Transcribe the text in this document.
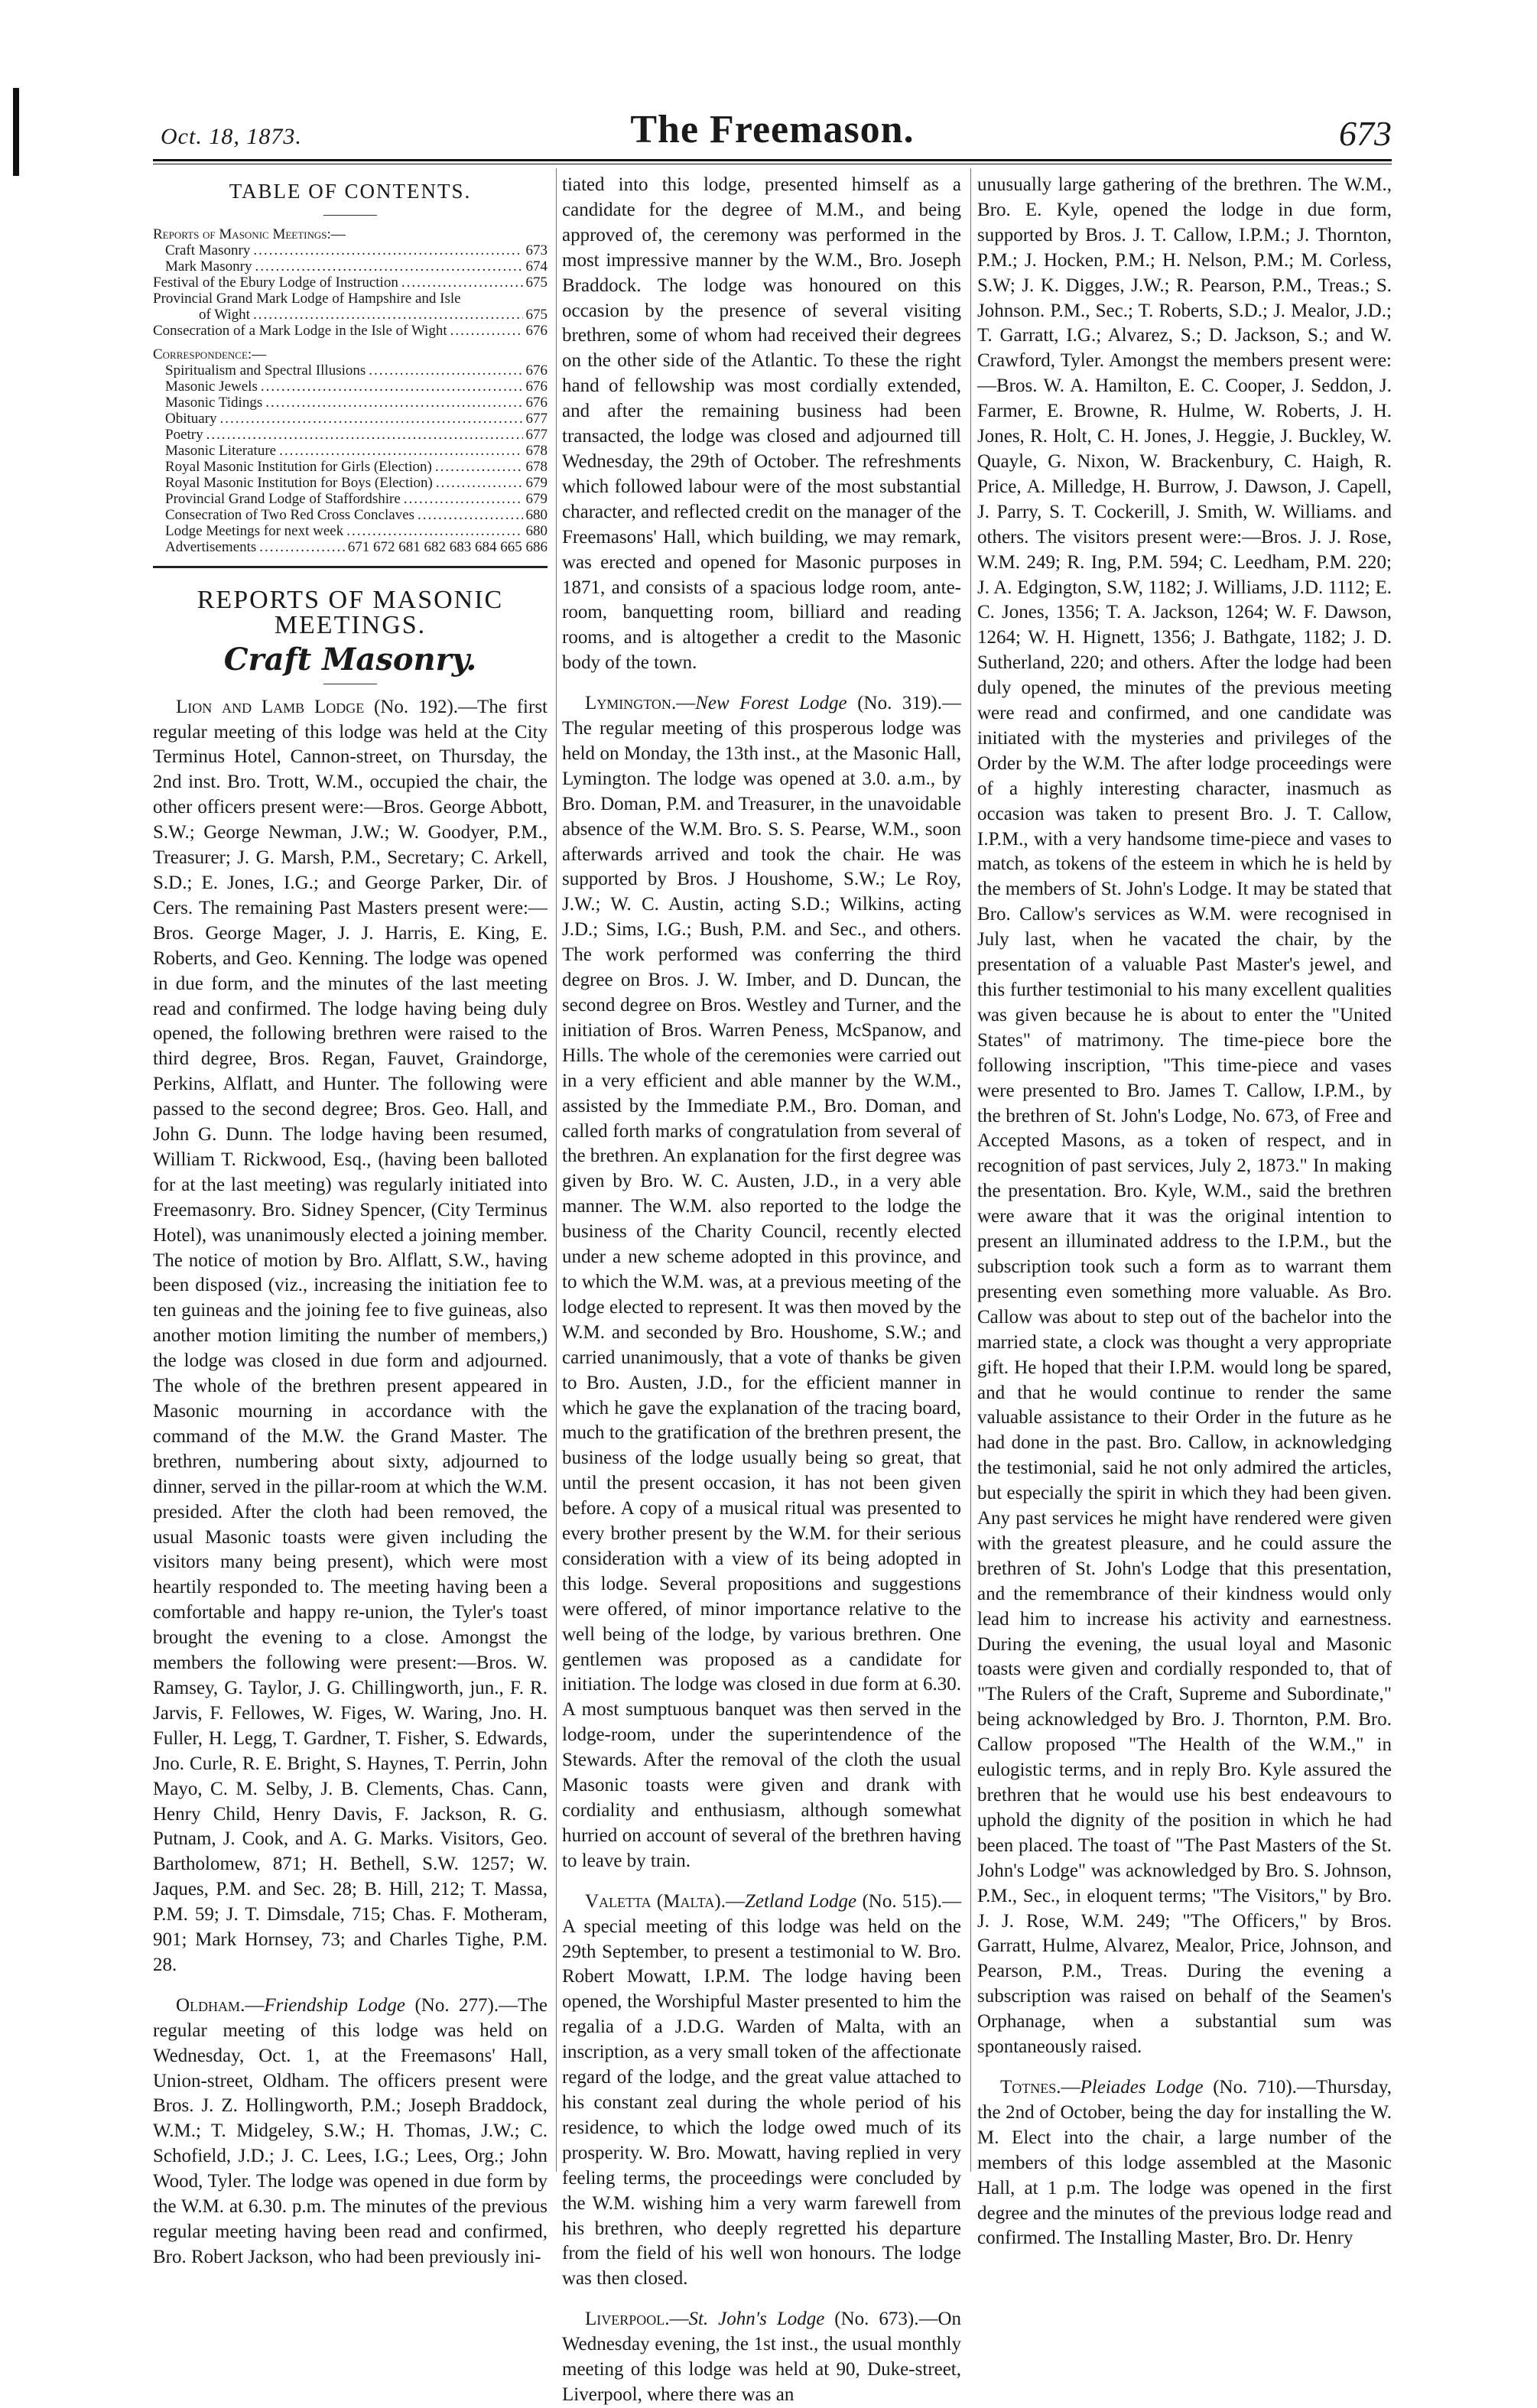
Oct. 18, 1873.	The Freemason.	673
TABLE OF CONTENTS.
Reports of Masonic Meetings:—
Craft Masonry .....	673
Mark Masonry .....	674
Festival of the Ebury Lodge of Instruction .....	675
Provincial Grand Mark Lodge of Hampshire and Isle
of Wight .....	675
Consecration of a Mark Lodge in the Isle of Wight .....	676
Correspondence:—
Spiritualism and Spectral Illusions .....	676
Masonic Jewels .....	676
Masonic Tidings .....	676
Obituary .....	677
Poetry .....	677
Masonic Literature .....	678
Royal Masonic Institution for Girls (Election) .....	678
Royal Masonic Institution for Boys (Election) .....	679
Provincial Grand Lodge of Staffordshire .....	679
Consecration of Two Red Cross Conclaves .....	680
Lodge Meetings for next week .....	680
Advertisements .....	671 672 681 682 683 684 665 686
REPORTS OF MASONIC MEETINGS.
Craft Masonry.

Lion and Lamb Lodge (No. 192).—The first regular meeting of this lodge was held at the City Terminus Hotel, Cannon-street, on Thursday, the 2nd inst. Bro. Trott, W.M., occupied the chair, the other officers present were:—Bros. George Abbott, S.W.; George Newman, J.W.; W. Goodyer, P.M., Treasurer; J. G. Marsh, P.M., Secretary; C. Arkell, S.D.; E. Jones, I.G.; and George Parker, Dir. of Cers. The remaining Past Masters present were:— Bros. George Mager, J. J. Harris, E. King, E. Roberts, and Geo. Kenning. The lodge was opened in due form, and the minutes of the last meeting read and confirmed. The lodge having being duly opened, the following brethren were raised to the third degree, Bros. Regan, Fauvet, Graindorge, Perkins, Alflatt, and Hunter. The following were passed to the second degree; Bros. Geo. Hall, and John G. Dunn. The lodge having been resumed, William T. Rickwood, Esq., (having been balloted for at the last meeting) was regularly initiated into Freemasonry. Bro. Sidney Spencer, (City Terminus Hotel), was unanimously elected a joining member. The notice of motion by Bro. Alflatt, S.W., having been disposed (viz., increasing the initiation fee to ten guineas and the joining fee to five guineas, also another motion limiting the number of members,) the lodge was closed in due form and adjourned. The whole of the brethren present appeared in Masonic mourning in accordance with the command of the M.W. the Grand Master. The brethren, numbering about sixty, adjourned to dinner, served in the pillar-room at which the W.M. presided. After the cloth had been removed, the usual Masonic toasts were given including the visitors many being present), which were most heartily responded to. The meeting having been a comfortable and happy re-union, the Tyler's toast brought the evening to a close. Amongst the members the following were present:—Bros. W. Ramsey, G. Taylor, J. G. Chillingworth, jun., F. R. Jarvis, F. Fellowes, W. Figes, W. Waring, Jno. H. Fuller, H. Legg, T. Gardner, T. Fisher, S. Edwards, Jno. Curle, R. E. Bright, S. Haynes, T. Perrin, John Mayo, C. M. Selby, J. B. Clements, Chas. Cann, Henry Child, Henry Davis, F. Jackson, R. G. Putnam, J. Cook, and A. G. Marks. Visitors, Geo. Bartholomew, 871; H. Bethell, S.W. 1257; W. Jaques, P.M. and Sec. 28; B. Hill, 212; T. Massa, P.M. 59; J. T. Dimsdale, 715; Chas. F. Motheram, 901; Mark Hornsey, 73; and Charles Tighe, P.M. 28.

Oldham.—Friendship Lodge (No. 277).—The regular meeting of this lodge was held on Wednesday, Oct. 1, at the Freemasons' Hall, Union-street, Oldham. The officers present were Bros. J. Z. Hollingworth, P.M.; Joseph Braddock, W.M.; T. Midgeley, S.W.; H. Thomas, J.W.; C. Schofield, J.D.; J. C. Lees, I.G.; Lees, Org.; John Wood, Tyler. The lodge was opened in due form by the W.M. at 6.30. p.m. The minutes of the previous regular meeting having been read and confirmed, Bro. Robert Jackson, who had been previously ini-

tiated into this lodge, presented himself as a candidate for the degree of M.M., and being approved of, the ceremony was performed in the most impressive manner by the W.M., Bro. Joseph Braddock. The lodge was honoured on this occasion by the presence of several visiting brethren, some of whom had received their degrees on the other side of the Atlantic. To these the right hand of fellowship was most cordially extended, and after the remaining business had been transacted, the lodge was closed and adjourned till Wednesday, the 29th of October. The refreshments which followed labour were of the most substantial character, and reflected credit on the manager of the Freemasons' Hall, which building, we may remark, was erected and opened for Masonic purposes in 1871, and consists of a spacious lodge room, ante-room, banquetting room, billiard and reading rooms, and is altogether a credit to the Masonic body of the town.

Lymington.—New Forest Lodge (No. 319).—The regular meeting of this prosperous lodge was held on Monday, the 13th inst., at the Masonic Hall, Lymington. The lodge was opened at 3.0. a.m., by Bro. Doman, P.M. and Treasurer, in the unavoidable absence of the W.M. Bro. S. S. Pearse, W.M., soon afterwards arrived and took the chair. He was supported by Bros. J Houshome, S.W.; Le Roy, J.W.; W. C. Austin, acting S.D.; Wilkins, acting J.D.; Sims, I.G.; Bush, P.M. and Sec., and others. The work performed was conferring the third degree on Bros. J. W. Imber, and D. Duncan, the second degree on Bros. Westley and Turner, and the initiation of Bros. Warren Peness, McSpanow, and Hills. The whole of the ceremonies were carried out in a very efficient and able manner by the W.M., assisted by the Immediate P.M., Bro. Doman, and called forth marks of congratulation from several of the brethren. An explanation for the first degree was given by Bro. W. C. Austen, J.D., in a very able manner. The W.M. also reported to the lodge the business of the Charity Council, recently elected under a new scheme adopted in this province, and to which the W.M. was, at a previous meeting of the lodge elected to represent. It was then moved by the W.M. and seconded by Bro. Houshome, S.W.; and carried unanimously, that a vote of thanks be given to Bro. Austen, J.D., for the efficient manner in which he gave the explanation of the tracing board, much to the gratification of the brethren present, the business of the lodge usually being so great, that until the present occasion, it has not been given before. A copy of a musical ritual was presented to every brother present by the W.M. for their serious consideration with a view of its being adopted in this lodge. Several propositions and suggestions were offered, of minor importance relative to the well being of the lodge, by various brethren. One gentlemen was proposed as a candidate for initiation. The lodge was closed in due form at 6.30. A most sumptuous banquet was then served in the lodge-room, under the superintendence of the Stewards. After the removal of the cloth the usual Masonic toasts were given and drank with cordiality and enthusiasm, although somewhat hurried on account of several of the brethren having to leave by train.

Valetta (Malta).—Zetland Lodge (No. 515).—A special meeting of this lodge was held on the 29th September, to present a testimonial to W. Bro. Robert Mowatt, I.P.M. The lodge having been opened, the Worshipful Master presented to him the regalia of a J.D.G. Warden of Malta, with an inscription, as a very small token of the affectionate regard of the lodge, and the great value attached to his constant zeal during the whole period of his residence, to which the lodge owed much of its prosperity. W. Bro. Mowatt, having replied in very feeling terms, the proceedings were concluded by the W.M. wishing him a very warm farewell from his brethren, who deeply regretted his departure from the field of his well won honours. The lodge was then closed.

Liverpool.—St. John's Lodge (No. 673).—On Wednesday evening, the 1st inst., the usual monthly meeting of this lodge was held at 90, Duke-street, Liverpool, where there was an

unusually large gathering of the brethren. The W.M., Bro. E. Kyle, opened the lodge in due form, supported by Bros. J. T. Callow, I.P.M.; J. Thornton, P.M.; J. Hocken, P.M.; H. Nelson, P.M.; M. Corless, S.W; J. K. Digges, J.W.; R. Pearson, P.M., Treas.; S. Johnson. P.M., Sec.; T. Roberts, S.D.; J. Mealor, J.D.; T. Garratt, I.G.; Alvarez, S.; D. Jackson, S.; and W. Crawford, Tyler. Amongst the members present were:—Bros. W. A. Hamilton, E. C. Cooper, J. Seddon, J. Farmer, E. Browne, R. Hulme, W. Roberts, J. H. Jones, R. Holt, C. H. Jones, J. Heggie, J. Buckley, W. Quayle, G. Nixon, W. Brackenbury, C. Haigh, R. Price, A. Milledge, H. Burrow, J. Dawson, J. Capell, J. Parry, S. T. Cockerill, J. Smith, W. Williams. and others. The visitors present were:—Bros. J. J. Rose, W.M. 249; R. Ing, P.M. 594; C. Leedham, P.M. 220; J. A. Edgington, S.W, 1182; J. Williams, J.D. 1112; E. C. Jones, 1356; T. A. Jackson, 1264; W. F. Dawson, 1264; W. H. Hignett, 1356; J. Bathgate, 1182; J. D. Sutherland, 220; and others. After the lodge had been duly opened, the minutes of the previous meeting were read and confirmed, and one candidate was initiated with the mysteries and privileges of the Order by the W.M. The after lodge proceedings were of a highly interesting character, inasmuch as occasion was taken to present Bro. J. T. Callow, I.P.M., with a very handsome time-piece and vases to match, as tokens of the esteem in which he is held by the members of St. John's Lodge. It may be stated that Bro. Callow's services as W.M. were recognised in July last, when he vacated the chair, by the presentation of a valuable Past Master's jewel, and this further testimonial to his many excellent qualities was given because he is about to enter the "United States" of matrimony. The time-piece bore the following inscription, "This time-piece and vases were presented to Bro. James T. Callow, I.P.M., by the brethren of St. John's Lodge, No. 673, of Free and Accepted Masons, as a token of respect, and in recognition of past services, July 2, 1873." In making the presentation. Bro. Kyle, W.M., said the brethren were aware that it was the original intention to present an illuminated address to the I.P.M., but the subscription took such a form as to warrant them presenting even something more valuable. As Bro. Callow was about to step out of the bachelor into the married state, a clock was thought a very appropriate gift. He hoped that their I.P.M. would long be spared, and that he would continue to render the same valuable assistance to their Order in the future as he had done in the past. Bro. Callow, in acknowledging the testimonial, said he not only admired the articles, but especially the spirit in which they had been given. Any past services he might have rendered were given with the greatest pleasure, and he could assure the brethren of St. John's Lodge that this presentation, and the remembrance of their kindness would only lead him to increase his activity and earnestness. During the evening, the usual loyal and Masonic toasts were given and cordially responded to, that of "The Rulers of the Craft, Supreme and Subordinate," being acknowledged by Bro. J. Thornton, P.M. Bro. Callow proposed "The Health of the W.M.," in eulogistic terms, and in reply Bro. Kyle assured the brethren that he would use his best endeavours to uphold the dignity of the position in which he had been placed. The toast of "The Past Masters of the St. John's Lodge" was acknowledged by Bro. S. Johnson, P.M., Sec., in eloquent terms; "The Visitors," by Bro. J. J. Rose, W.M. 249; "The Officers," by Bros. Garratt, Hulme, Alvarez, Mealor, Price, Johnson, and Pearson, P.M., Treas. During the evening a subscription was raised on behalf of the Seamen's Orphanage, when a substantial sum was spontaneously raised.

Totnes.—Pleiades Lodge (No. 710).—Thursday, the 2nd of October, being the day for installing the W. M. Elect into the chair, a large number of the members of this lodge assembled at the Masonic Hall, at 1 p.m. The lodge was opened in the first degree and the minutes of the previous lodge read and confirmed. The Installing Master, Bro. Dr. Henry
